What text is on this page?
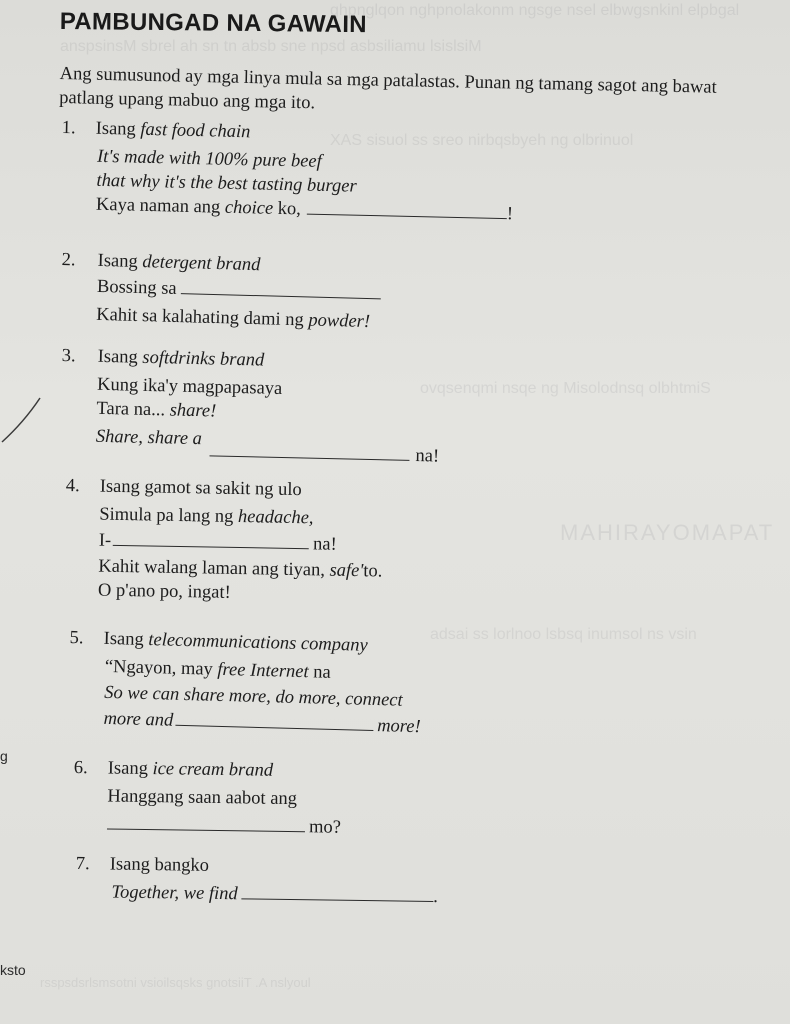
ghpnglqon nghpnolakonm ngsge nsel elbwgsnkinl elpbgal
anspsinsM sbrel ah sn tn absb sne npsd asbsiliamu lsislsiM
XAS sisuol ss sreo nirbqsbyeh ng olbrinuol
ovqsenqmi nsqe ng Misolodnsq olbhtmiS
MAHIRAYOMAPAT
adsai ss lorlnoo lsbsq inumsol ns vsin
rsspsdsrlsmsotni vsioilsqsks gnotsiiT .A nslyoul
PAMBUNGAD NA GAWAIN
Ang sumusunod ay mga linya mula sa mga patalastas. Punan ng tamang sagot ang bawat patlang upang mabuo ang mga ito.
1. Isang fast food chain
It's made with 100% pure beef
that why it's the best tasting burger
Kaya naman ang choice ko,	!
2. Isang detergent brand
Bossing sa
Kahit sa kalahating dami ng powder!
3. Isang softdrinks brand
Kung ika'y magpapasaya
Tara na... share!
Share, share a
na!
4. Isang gamot sa sakit ng ulo
Simula pa lang ng headache,
I-	na!
Kahit walang laman ang tiyan, safe'to.
O p'ano po, ingat!
5. Isang telecommunications company
“Ngayon, may free Internet na
So we can share more, do more, connect
more and	more!
g
6. Isang ice cream brand
Hanggang saan aabot ang
mo?
7. Isang bangko
Together, we find	.
ksto
